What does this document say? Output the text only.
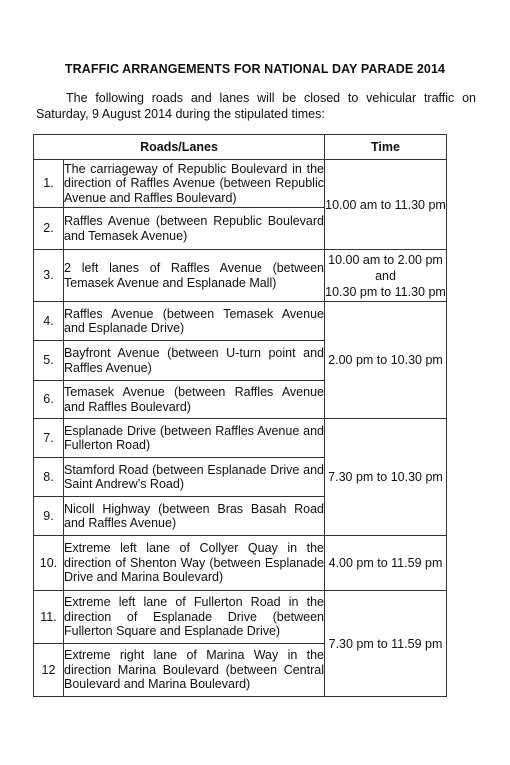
TRAFFIC ARRANGEMENTS FOR NATIONAL DAY PARADE 2014
The following roads and lanes will be closed to vehicular traffic on Saturday, 9 August 2014 during the stipulated times:
Roads/Lanes		Time
1.	The carriageway of Republic Boulevard in the direction of Raffles Avenue (between Republic Avenue and Raffles Boulevard)	10.00 am to 11.30 pm
2.	Raffles Avenue (between Republic Boulevard and Temasek Avenue)	
3.	2 left lanes of Raffles Avenue (between Temasek Avenue and Esplanade Mall)	10.00 am to 2.00 pm
and
10.30 pm to 11.30 pm

4.	Raffles Avenue (between Temasek Avenue and Esplanade Drive)	2.00 pm to 10.30 pm
5.	Bayfront Avenue (between U-turn point and Raffles Avenue)	
6.	Temasek Avenue (between Raffles Avenue and Raffles Boulevard)	
7.	Esplanade Drive (between Raffles Avenue and Fullerton Road)	7.30 pm to 10.30 pm
8.	Stamford Road (between Esplanade Drive and Saint Andrew’s Road)	
9.	Nicoll Highway (between Bras Basah Road and Raffles Avenue)	
10.	Extreme left lane of Collyer Quay in the direction of Shenton Way (between Esplanade Drive and Marina Boulevard)	4.00 pm to 11.59 pm
11.	Extreme left lane of Fullerton Road in the direction of Esplanade Drive (between Fullerton Square and Esplanade Drive)	7.30 pm to 11.59 pm
12	Extreme right lane of Marina Way in the direction Marina Boulevard (between Central Boulevard and Marina Boulevard)	
